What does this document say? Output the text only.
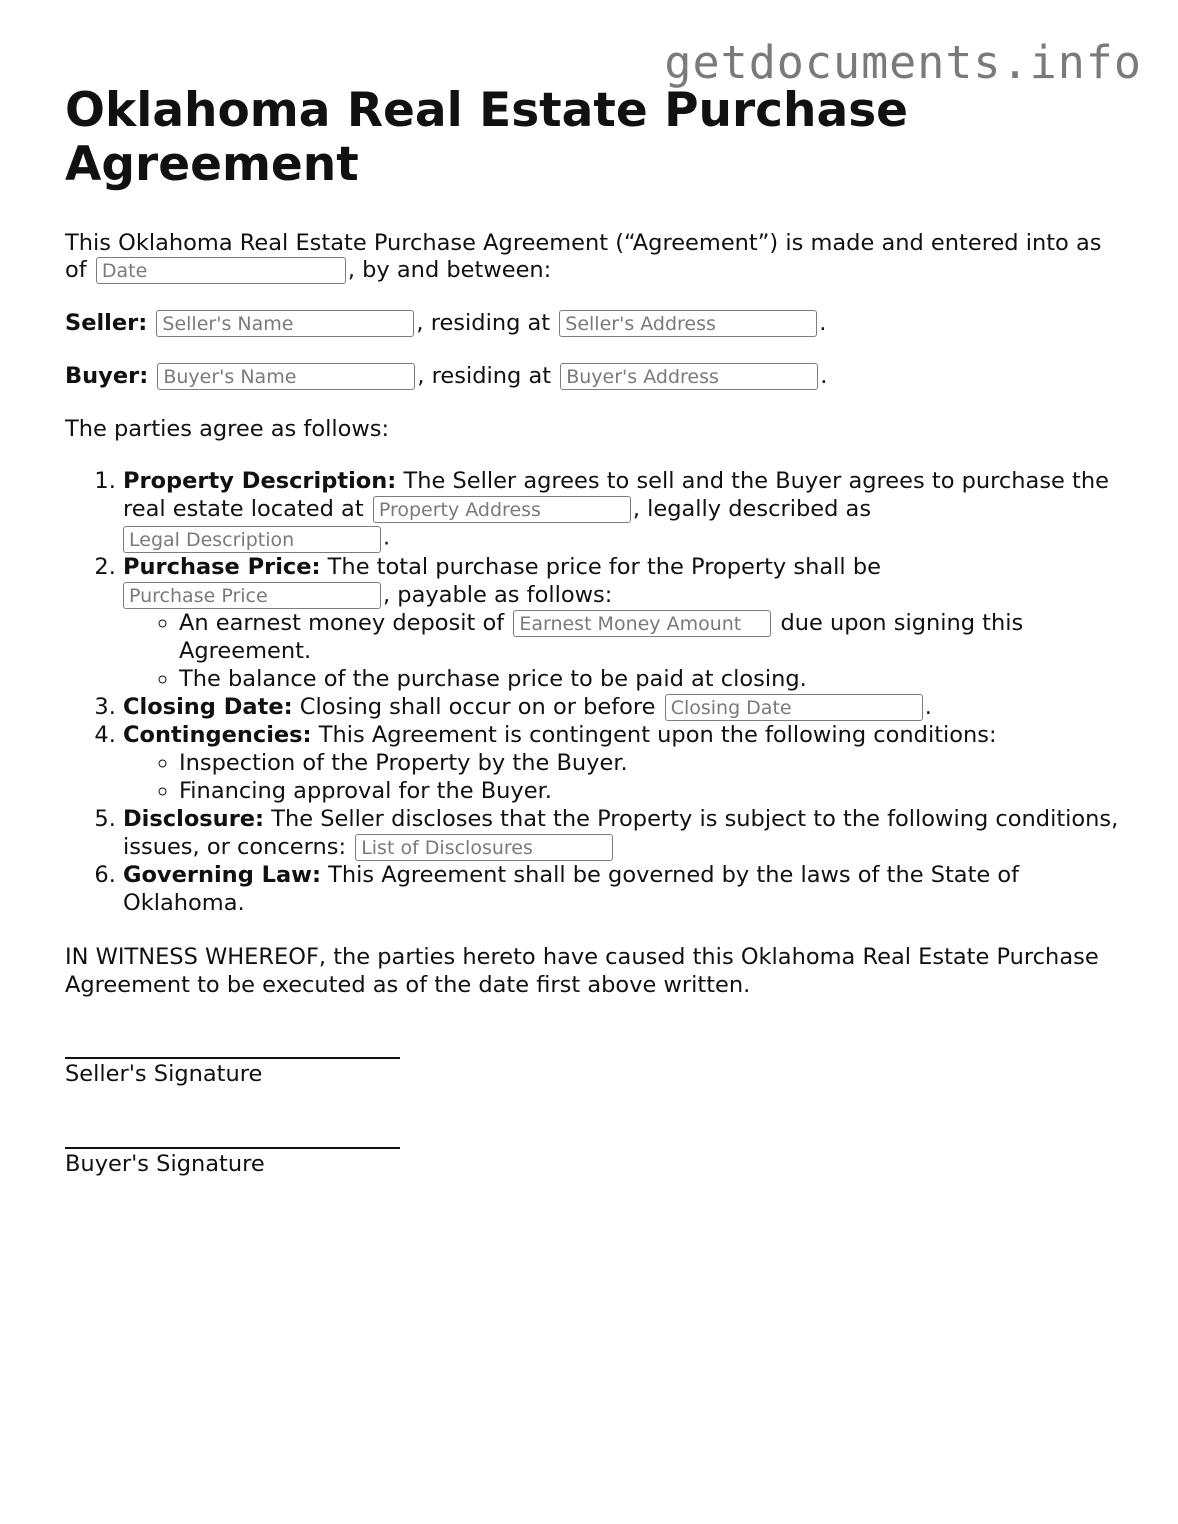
getdocuments.info
Oklahoma Real Estate Purchase Agreement

This Oklahoma Real Estate Purchase Agreement (“Agreement”) is made and entered into as of Date	, by and between:

Seller: Seller's Name	, residing at Seller's Address	.

Buyer: Buyer's Name	, residing at Buyer's Address	.

The parties agree as follows:

1. Property Description: The Seller agrees to sell and the Buyer agrees to purchase the real estate located at Property Address	, legally described as Legal Description.
2. Purchase Price: The total purchase price for the Property shall be Purchase Price, payable as follows:
◦ An earnest money deposit of Earnest Money Amount	due upon signing this Agreement.
◦ The balance of the purchase price to be paid at closing.
3. Closing Date: Closing shall occur on or before Closing Date	.
4. Contingencies: This Agreement is contingent upon the following conditions:
◦ Inspection of the Property by the Buyer.
◦ Financing approval for the Buyer.
5. Disclosure: The Seller discloses that the Property is subject to the following conditions, issues, or concerns: List of Disclosures
6. Governing Law: This Agreement shall be governed by the laws of the State of Oklahoma.

IN WITNESS WHEREOF, the parties hereto have caused this Oklahoma Real Estate Purchase Agreement to be executed as of the date first above written.

Seller's Signature
Buyer's Signature
